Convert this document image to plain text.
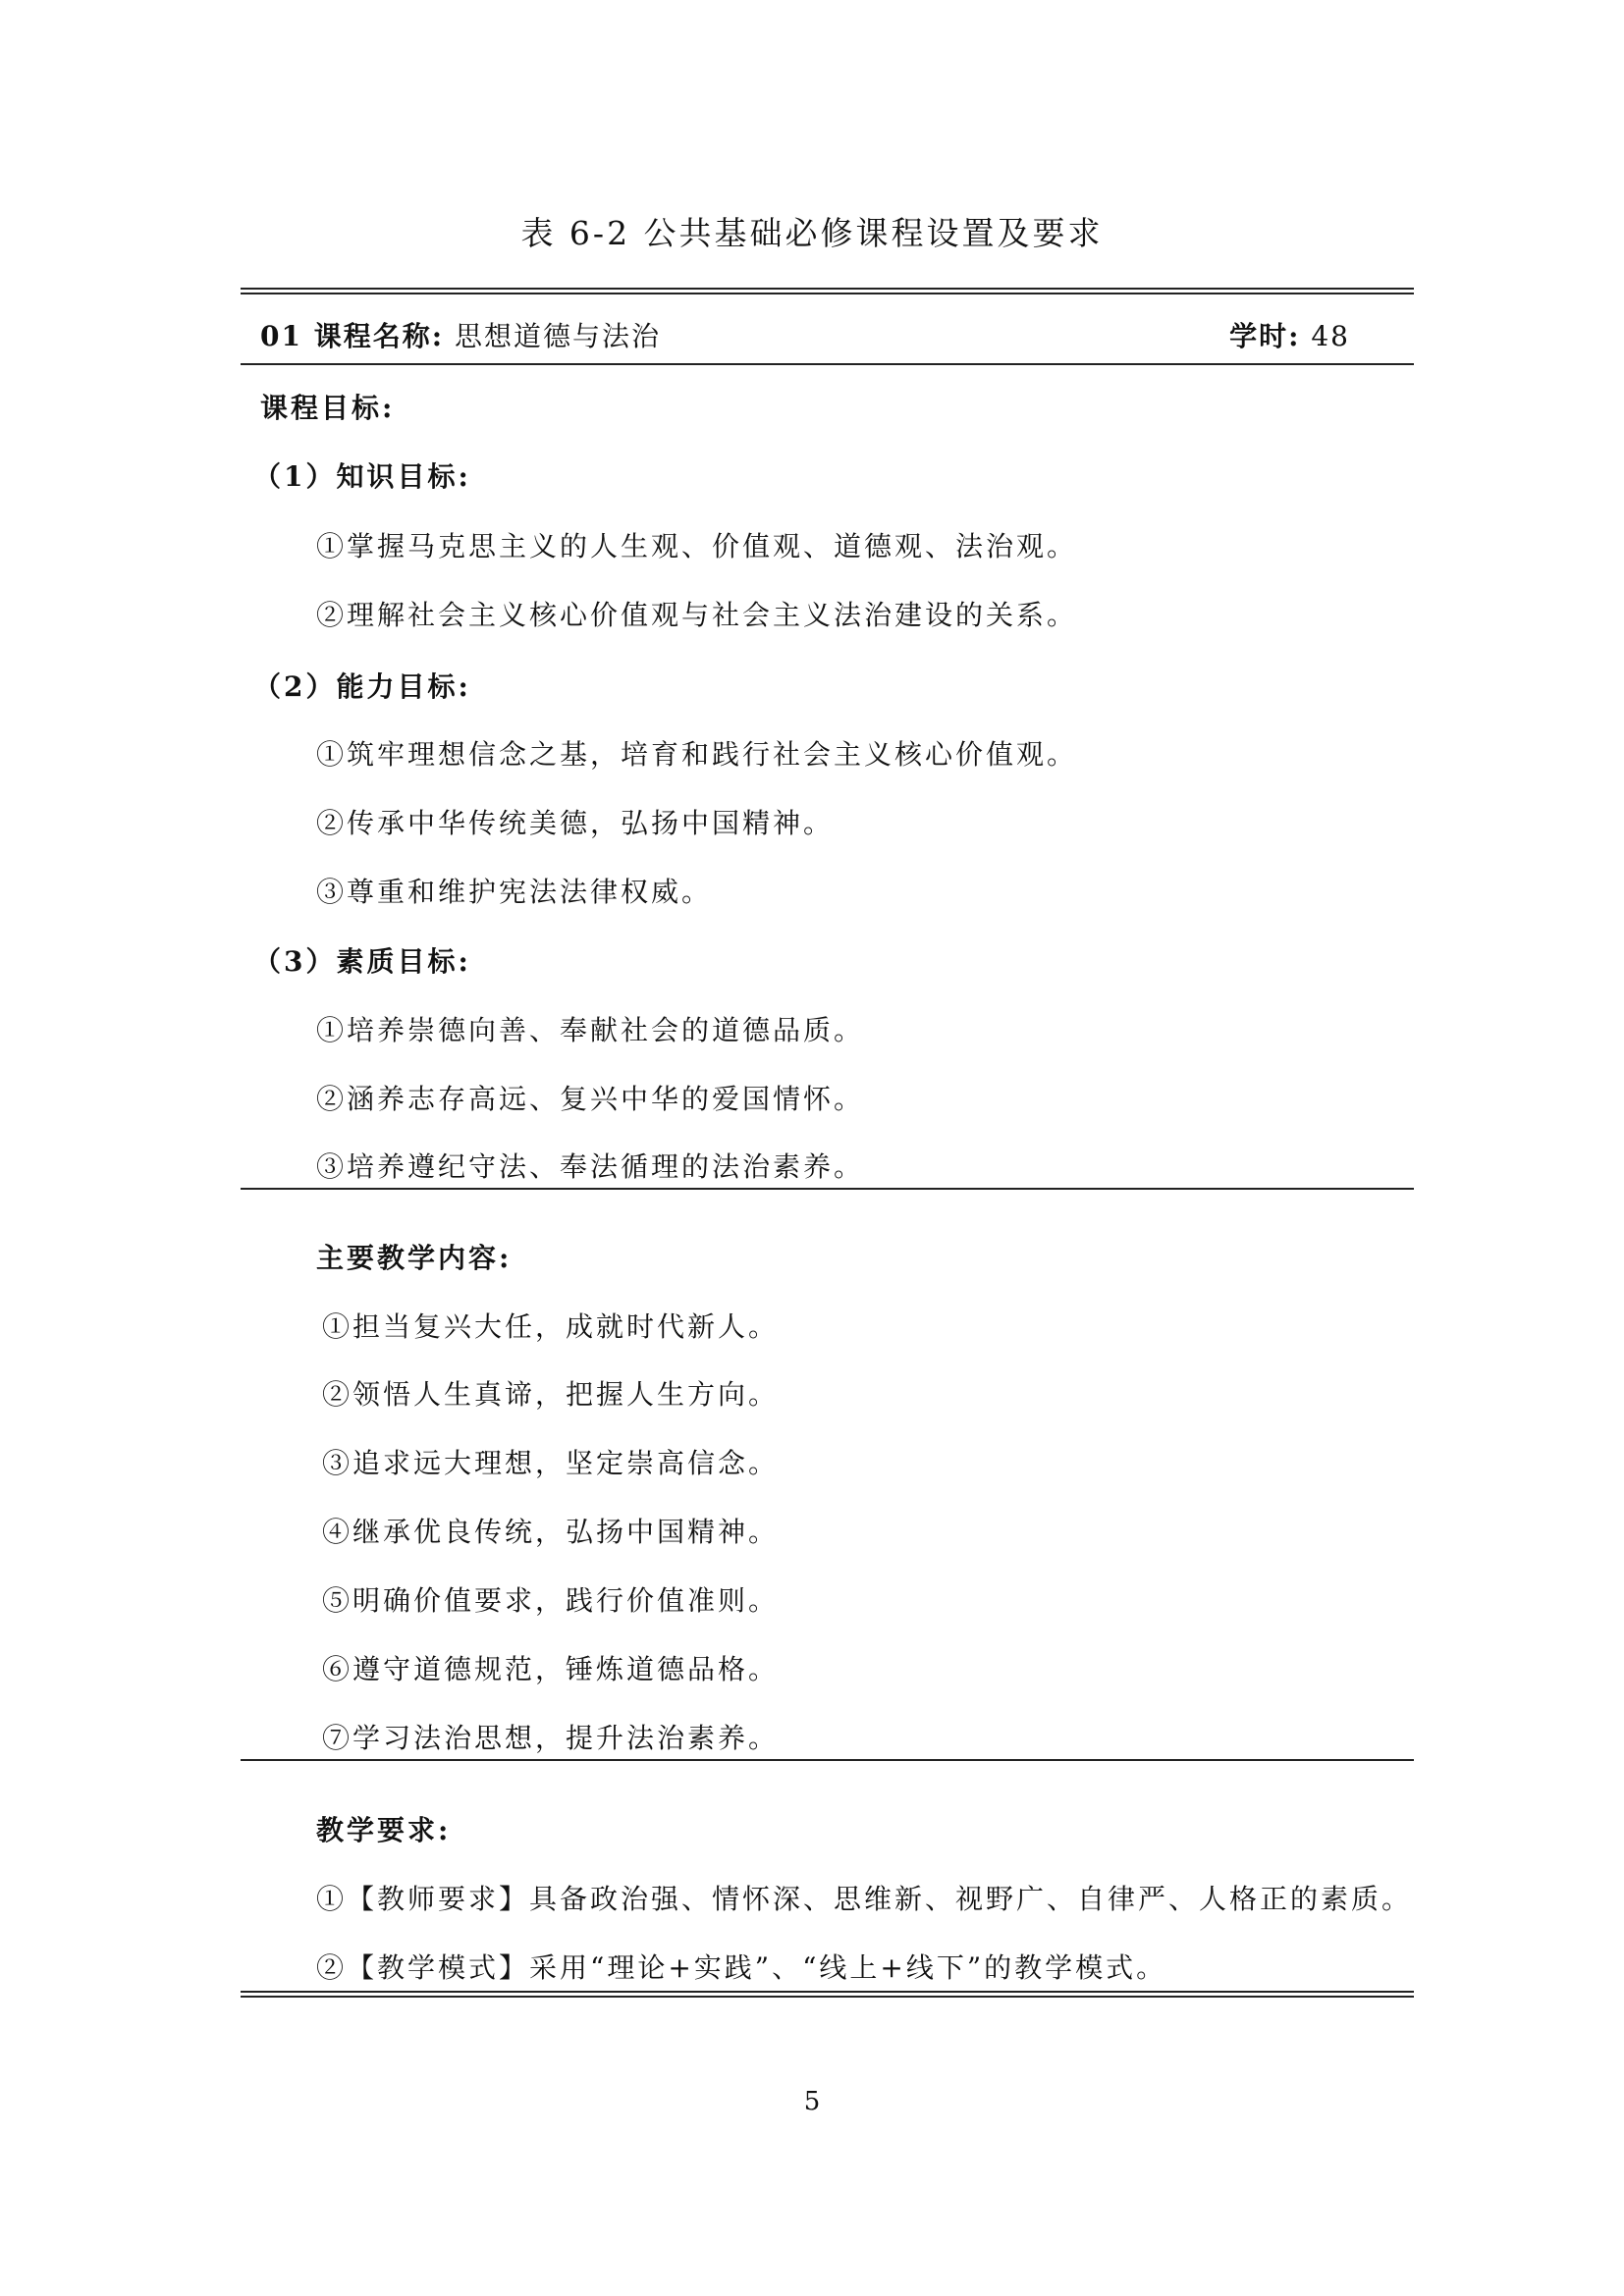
表 6-2 公共基础必修课程设置及要求
01 课程名称: 思想道德与法治	学时: 48
课程目标:
（1）知识目标:
①掌握马克思主义的人生观、价值观、道德观、法治观。
②理解社会主义核心价值观与社会主义法治建设的关系。
（2）能力目标:
①筑牢理想信念之基，培育和践行社会主义核心价值观。
②传承中华传统美德，弘扬中国精神。
③尊重和维护宪法法律权威。
（3）素质目标:
①培养崇德向善、奉献社会的道德品质。
②涵养志存高远、复兴中华的爱国情怀。
③培养遵纪守法、奉法循理的法治素养。
主要教学内容:
①担当复兴大任，成就时代新人。
②领悟人生真谛，把握人生方向。
③追求远大理想，坚定崇高信念。
④继承优良传统，弘扬中国精神。
⑤明确价值要求，践行价值准则。
⑥遵守道德规范，锤炼道德品格。
⑦学习法治思想，提升法治素养。
教学要求:
①【教师要求】具备政治强、情怀深、思维新、视野广、自律严、人格正的素质。
②【教学模式】采用“理论+实践”、“线上+线下”的教学模式。
5
